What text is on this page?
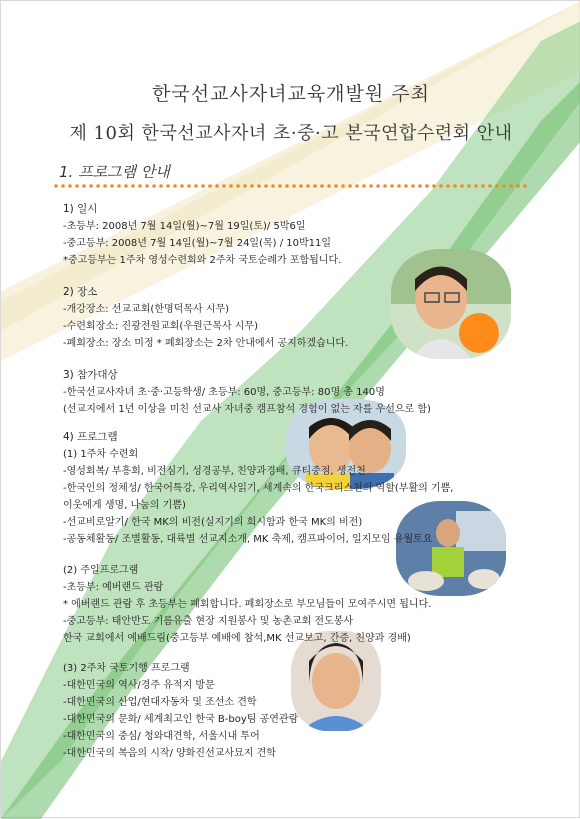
한국선교사자녀교육개발원 주최
제 10회 한국선교사자녀 초·중·고 본국연합수련회 안내
1. 프로그램 안내
1) 일시
-초등부: 2008년 7월 14일(월)~7월 19일(토)/ 5박6일
-중고등부: 2008년 7월 14일(월)~7월 24일(목) / 10박11일
*중고등부는 1주차 영성수련회와 2주차 국토순례가 포함됩니다.
2) 장소
-개강장소: 선교교회(한명덕목사 시무)
-수련회장소: 진광전원교회(우원근목사 시무)
-폐회장소: 장소 미정 * 폐회장소는 2차 안내에서 공지하겠습니다.
3) 참가대상
-한국선교사자녀 초·중·고등학생/ 초등부: 60명, 중고등부: 80명 총 140명
(선교지에서 1년 이상을 미친 선교사 자녀중 캠프참석 경험이 없는 자를 우선으로 함)
4) 프로그램
(1) 1주차 수련회
-영성회복/ 부흥회, 비전심기, 성경공부, 친양과경배, 큐티중점, 생전천
-한국인의 정체성/ 한국어특강, 우리역사읽기, 세계속의 한국크리스천의 역할(부활의 기쁨,
이웃에게 생명, 나눔의 기쁨)
-선교비로알기/ 한국 MK의 비전(실지기의 희시함과 한국 MK의 비전)
-공동체활동/ 조별활동, 대륙별 선교지소개, MK 축제, 캠프파이어, 일지모임 유월토요
(2) 주일프로그램
-초등부: 예버랜드 관람
* 에버랜드 관람 후 초등부는 폐회합니다. 폐회장소로 부모님들이 모여주시면 됩니다.
-중고등부: 태안반도 기름유출 현장 지원봉사 및 농촌교회 전도봉사
한국 교회에서 예배드림(중고등부 예배에 참석,MK 선교보고, 간증, 친양과 경배)
(3) 2주차 국토기행 프로그램
-대한민국의 역사/경주 유적지 방문
-대한민국의 산업/현대자동차 및 조선소 견학
-대한민국의 문화/ 세계최고인 한국 B-boy팀 공연관람
-대한민국의 중심/ 청와대견학, 서울시내 투어
-대한민국의 복음의 시작/ 양화진선교사묘지 견학
